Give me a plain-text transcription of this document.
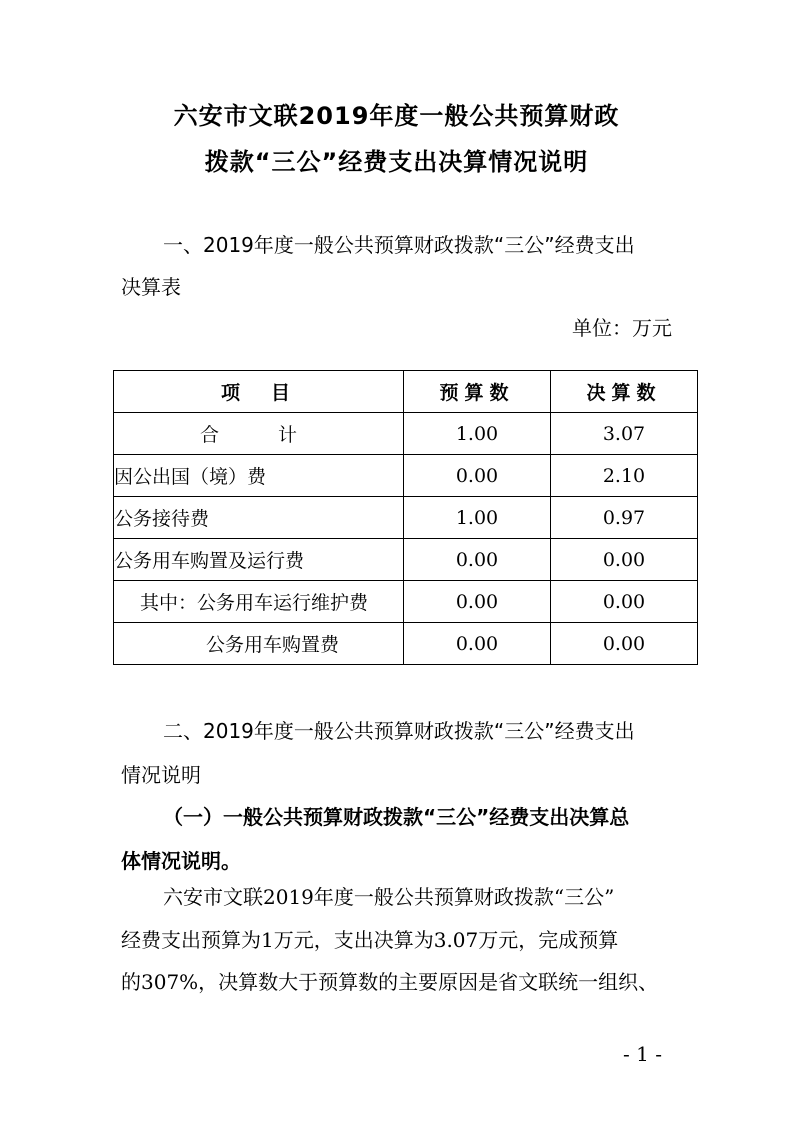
六安市文联2019年度一般公共预算财政
拨款“三公”经费支出决算情况说明
一、2019年度一般公共预算财政拨款“三公”经费支出
决算表
单位：万元
项　目	预算数	决算数
合　计	1.00	3.07
因公出国（境）费	0.00	2.10
公务接待费	1.00	0.97
公务用车购置及运行费	0.00	0.00
其中：公务用车运行维护费	0.00	0.00
公务用车购置费	0.00	0.00
二、2019年度一般公共预算财政拨款“三公”经费支出
情况说明
（一）一般公共预算财政拨款“三公”经费支出决算总
体情况说明。
六安市文联2019年度一般公共预算财政拨款“三公”
经费支出预算为1万元，支出决算为3.07万元，完成预算
的307%，决算数大于预算数的主要原因是省文联统一组织、
- 1 -
